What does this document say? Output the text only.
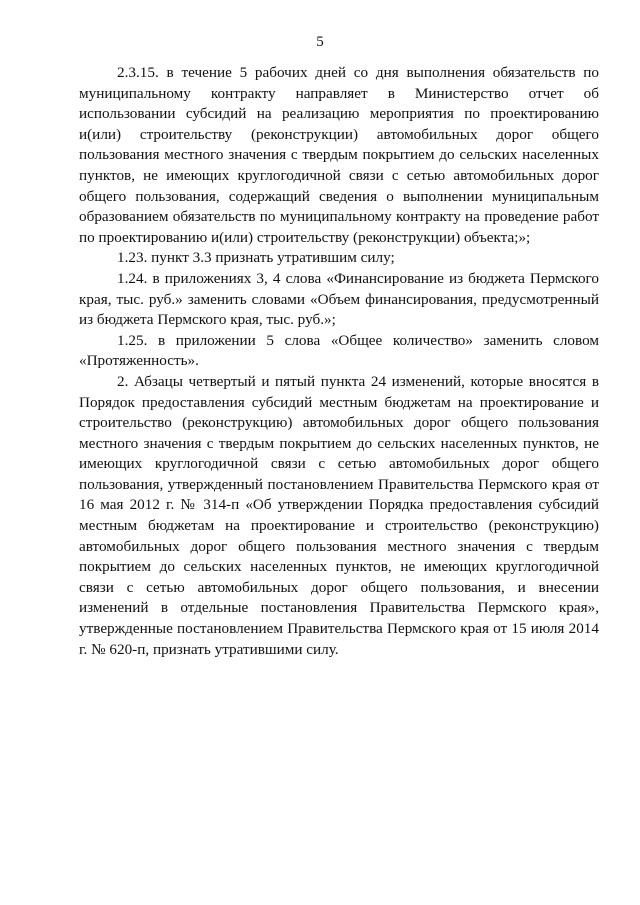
5

2.3.15. в течение 5 рабочих дней со дня выполнения обязательств по муниципальному контракту направляет в Министерство отчет об использовании субсидий на реализацию мероприятия по проектированию и(или) строительству (реконструкции) автомобильных дорог общего пользования местного значения с твердым покрытием до сельских населенных пунктов, не имеющих круглогодичной связи с сетью автомобильных дорог общего пользования, содержащий сведения о выполнении муниципальным образованием обязательств по муниципальному контракту на проведение работ по проектированию и(или) строительству (реконструкции) объекта;»;

1.23. пункт 3.3 признать утратившим силу;

1.24. в приложениях 3, 4 слова «Финансирование из бюджета Пермского края, тыс. руб.» заменить словами «Объем финансирования, предусмотренный из бюджета Пермского края, тыс. руб.»;

1.25. в приложении 5 слова «Общее количество» заменить словом «Протяженность».

2. Абзацы четвертый и пятый пункта 24 изменений, которые вносятся в Порядок предоставления субсидий местным бюджетам на проектирование и строительство (реконструкцию) автомобильных дорог общего пользования местного значения с твердым покрытием до сельских населенных пунктов, не имеющих круглогодичной связи с сетью автомобильных дорог общего пользования, утвержденный постановлением Правительства Пермского края от 16 мая 2012 г. № 314-п «Об утверждении Порядка предоставления субсидий местным бюджетам на проектирование и строительство (реконструкцию) автомобильных дорог общего пользования местного значения с твердым покрытием до сельских населенных пунктов, не имеющих круглогодичной связи с сетью автомобильных дорог общего пользования, и внесении изменений в отдельные постановления Правительства Пермского края», утвержденные постановлением Правительства Пермского края от 15 июля 2014 г. № 620-п, признать утратившими силу.
